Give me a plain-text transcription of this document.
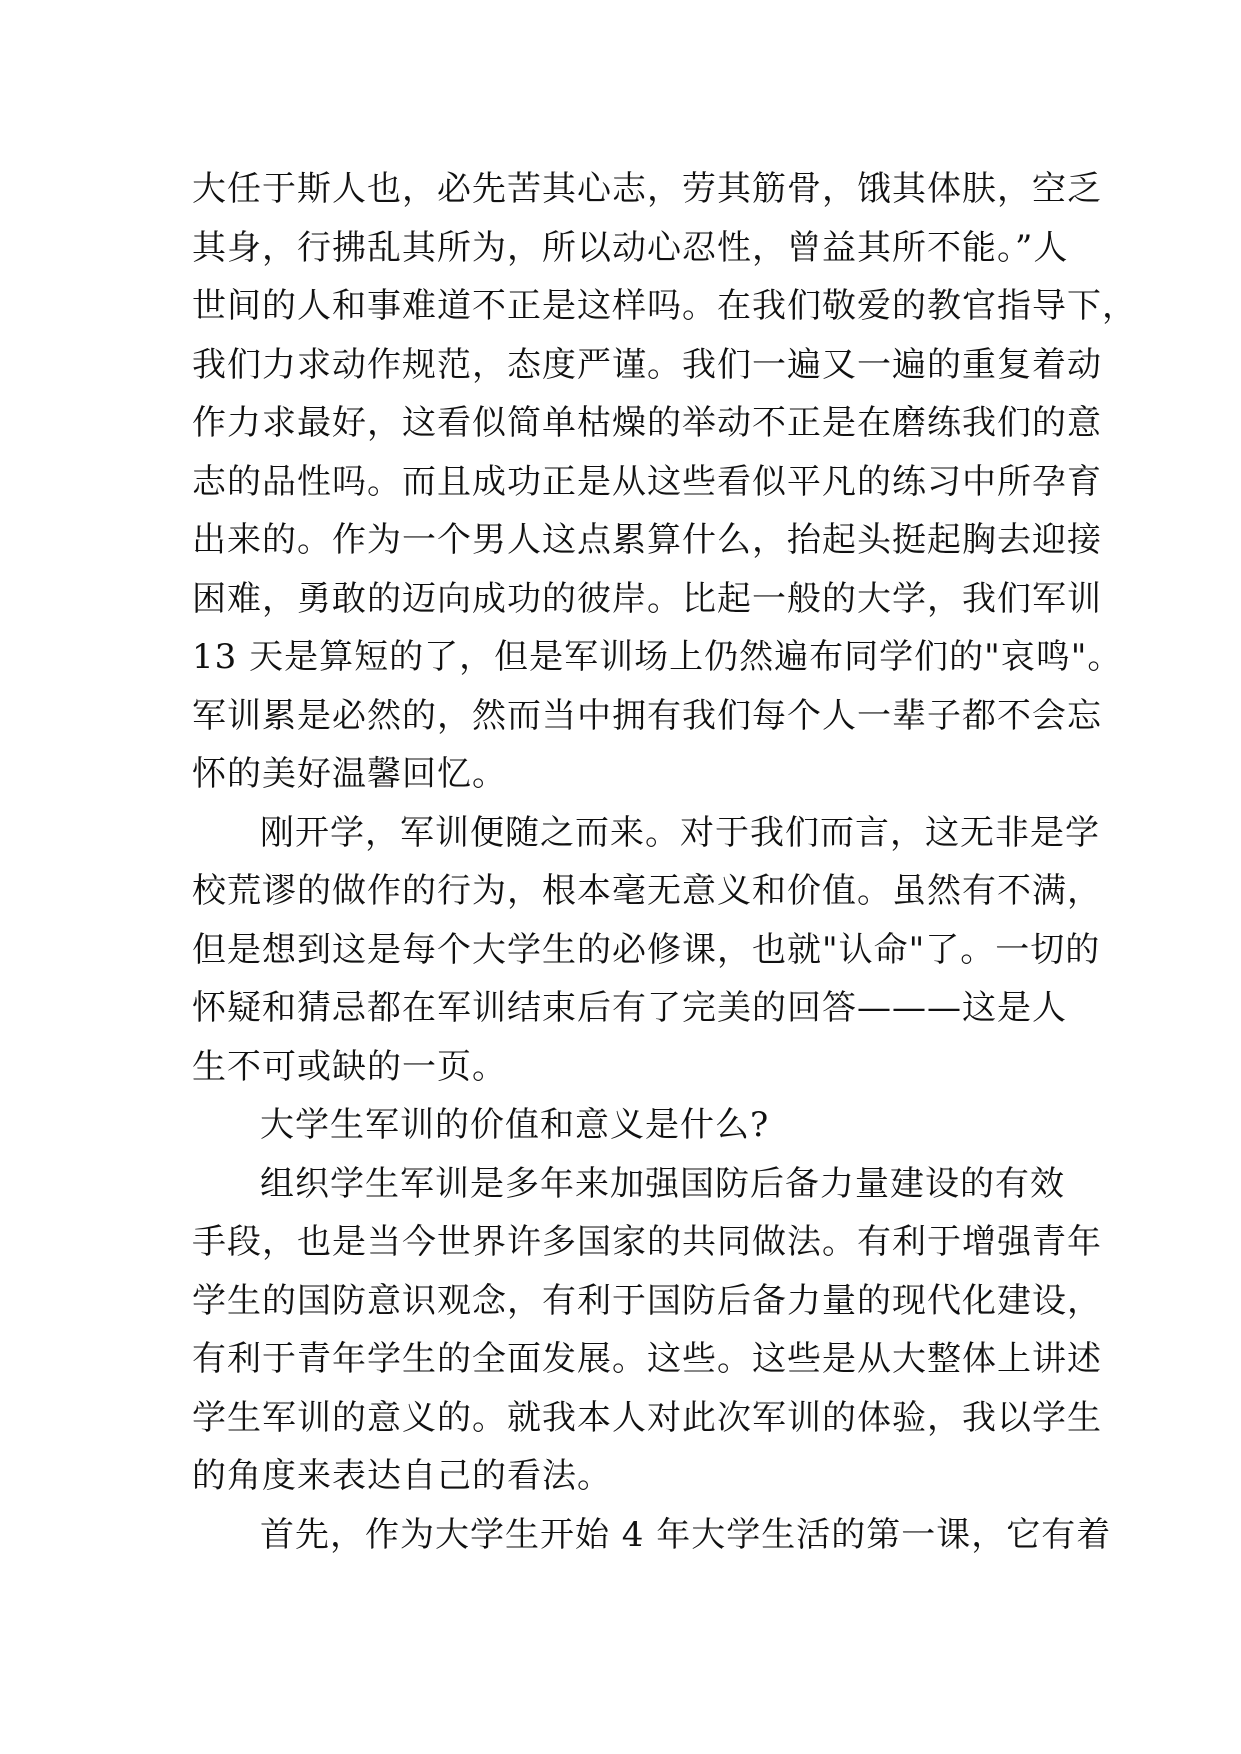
大任于斯人也，必先苦其心志，劳其筋骨，饿其体肤，空乏
其身，行拂乱其所为，所以动心忍性，曾益其所不能。”人
世间的人和事难道不正是这样吗。在我们敬爱的教官指导下，
我们力求动作规范，态度严谨。我们一遍又一遍的重复着动
作力求最好，这看似简单枯燥的举动不正是在磨练我们的意
志的品性吗。而且成功正是从这些看似平凡的练习中所孕育
出来的。作为一个男人这点累算什么，抬起头挺起胸去迎接
困难，勇敢的迈向成功的彼岸。比起一般的大学，我们军训
13 天是算短的了，但是军训场上仍然遍布同学们的"哀鸣"。
军训累是必然的，然而当中拥有我们每个人一辈子都不会忘
怀的美好温馨回忆。
刚开学，军训便随之而来。对于我们而言，这无非是学
校荒谬的做作的行为，根本毫无意义和价值。虽然有不满，
但是想到这是每个大学生的必修课，也就"认命"了。一切的
怀疑和猜忌都在军训结束后有了完美的回答———这是人
生不可或缺的一页。
大学生军训的价值和意义是什么?
组织学生军训是多年来加强国防后备力量建设的有效
手段，也是当今世界许多国家的共同做法。有利于增强青年
学生的国防意识观念，有利于国防后备力量的现代化建设，
有利于青年学生的全面发展。这些。这些是从大整体上讲述
学生军训的意义的。就我本人对此次军训的体验，我以学生
的角度来表达自己的看法。
首先，作为大学生开始 4 年大学生活的第一课，它有着
